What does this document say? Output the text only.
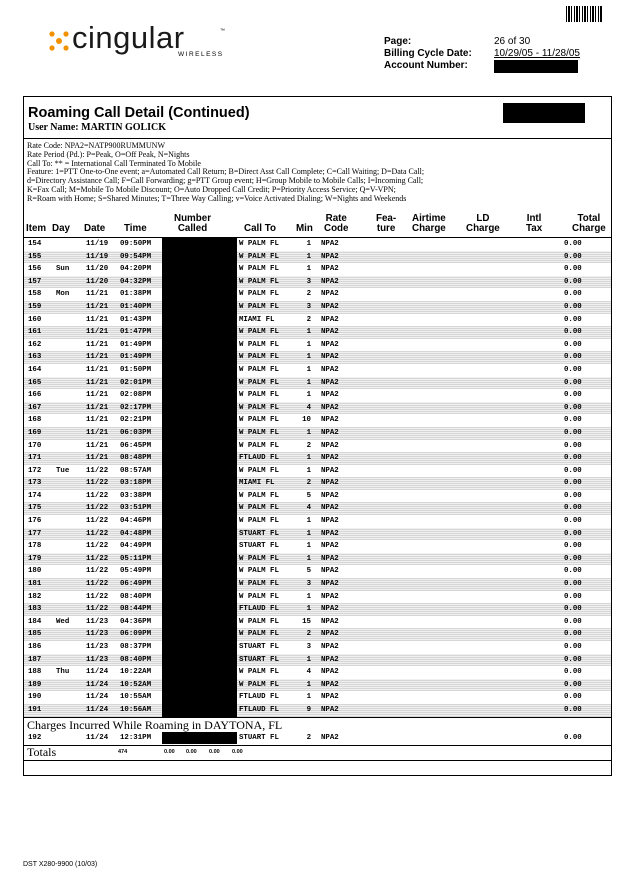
cingular	™
WIRELESS
Page:	26 of 30
Billing Cycle Date:	10/29/05 - 11/28/05
Account Number:
Roaming Call Detail (Continued)
User Name: MARTIN GOLICK
Rate Code: NPA2=NATP900RUMMUNW
Rate Period (Pd.): P=Peak, O=Off Peak, N=Nights
Call To: ** = International Call Terminated To Mobile
Feature: 1=PTT One-to-One event; a=Automated Call Return; B=Direct Asst Call Complete; C=Call Waiting; D=Data Call;
d=Directory Assistance Call; F=Call Forwarding; g=PTT Group event; H=Group Mobile to Mobile Calls; I=Incoming Call;
K=Fax Call; M=Mobile To Mobile Discount; O=Auto Dropped Call Credit; P=Priority Access Service; Q=V-VPN;
R=Roam with Home; S=Shared Minutes; T=Three Way Calling; v=Voice Activated Dialing; W=Nights and Weekends

Item Day Date Time
Number
Called	Call To Min
Rate
Code
Fea-
ture
Airtime
Charge
LD
Charge
Intl
Tax
Total
Charge
154	11/19 09:50PM	W PALM FL	1 NPA2	0.00
155	11/19 09:54PM	W PALM FL	1 NPA2	0.00
156 Sun 11/20 04:20PM	W PALM FL	1 NPA2	0.00
157	11/20 04:32PM	W PALM FL	3 NPA2	0.00
158 Mon 11/21 01:38PM	W PALM FL	2 NPA2	0.00
159	11/21 01:40PM	W PALM FL	3 NPA2	0.00
160	11/21 01:43PM	MIAMI FL	2 NPA2	0.00
161	11/21 01:47PM	W PALM FL	1 NPA2	0.00
162	11/21 01:49PM	W PALM FL	1 NPA2	0.00
163	11/21 01:49PM	W PALM FL	1 NPA2	0.00
164	11/21 01:50PM	W PALM FL	1 NPA2	0.00
165	11/21 02:01PM	W PALM FL	1 NPA2	0.00
166	11/21 02:08PM	W PALM FL	1 NPA2	0.00
167	11/21 02:17PM	W PALM FL	4 NPA2	0.00
168	11/21 02:21PM	W PALM FL	10 NPA2	0.00
169	11/21 06:03PM	W PALM FL	1 NPA2	0.00
170	11/21 06:45PM	W PALM FL	2 NPA2	0.00
171	11/21 08:48PM	FTLAUD FL	1 NPA2	0.00
172 Tue 11/22 08:57AM	W PALM FL	1 NPA2	0.00
173	11/22 03:18PM	MIAMI FL	2 NPA2	0.00
174	11/22 03:38PM	W PALM FL	5 NPA2	0.00
175	11/22 03:51PM	W PALM FL	4 NPA2	0.00
176	11/22 04:46PM	W PALM FL	1 NPA2	0.00
177	11/22 04:48PM	STUART FL	1 NPA2	0.00
178	11/22 04:49PM	STUART FL	1 NPA2	0.00
179	11/22 05:11PM	W PALM FL	1 NPA2	0.00
180	11/22 05:49PM	W PALM FL	5 NPA2	0.00
181	11/22 06:49PM	W PALM FL	3 NPA2	0.00
182	11/22 08:40PM	W PALM FL	1 NPA2	0.00
183	11/22 08:44PM	FTLAUD FL	1 NPA2	0.00
184 Wed 11/23 04:36PM	W PALM FL	15 NPA2	0.00
185	11/23 06:09PM	W PALM FL	2 NPA2	0.00
186	11/23 08:37PM	STUART FL	3 NPA2	0.00
187	11/23 08:40PM	STUART FL	1 NPA2	0.00
188 Thu 11/24 10:22AM	W PALM FL	4 NPA2	0.00
189	11/24 10:52AM	W PALM FL	1 NPA2	0.00
190	11/24 10:55AM	FTLAUD FL	1 NPA2	0.00
191	11/24 10:56AM	FTLAUD FL	9 NPA2	0.00
Charges Incurred While Roaming in DAYTONA, FL
192	11/24 12:31PM	STUART FL	2 NPA2	0.00
Totals	474	0.00 0.00 0.00 0.00
DST X280-9900 (10/03)
